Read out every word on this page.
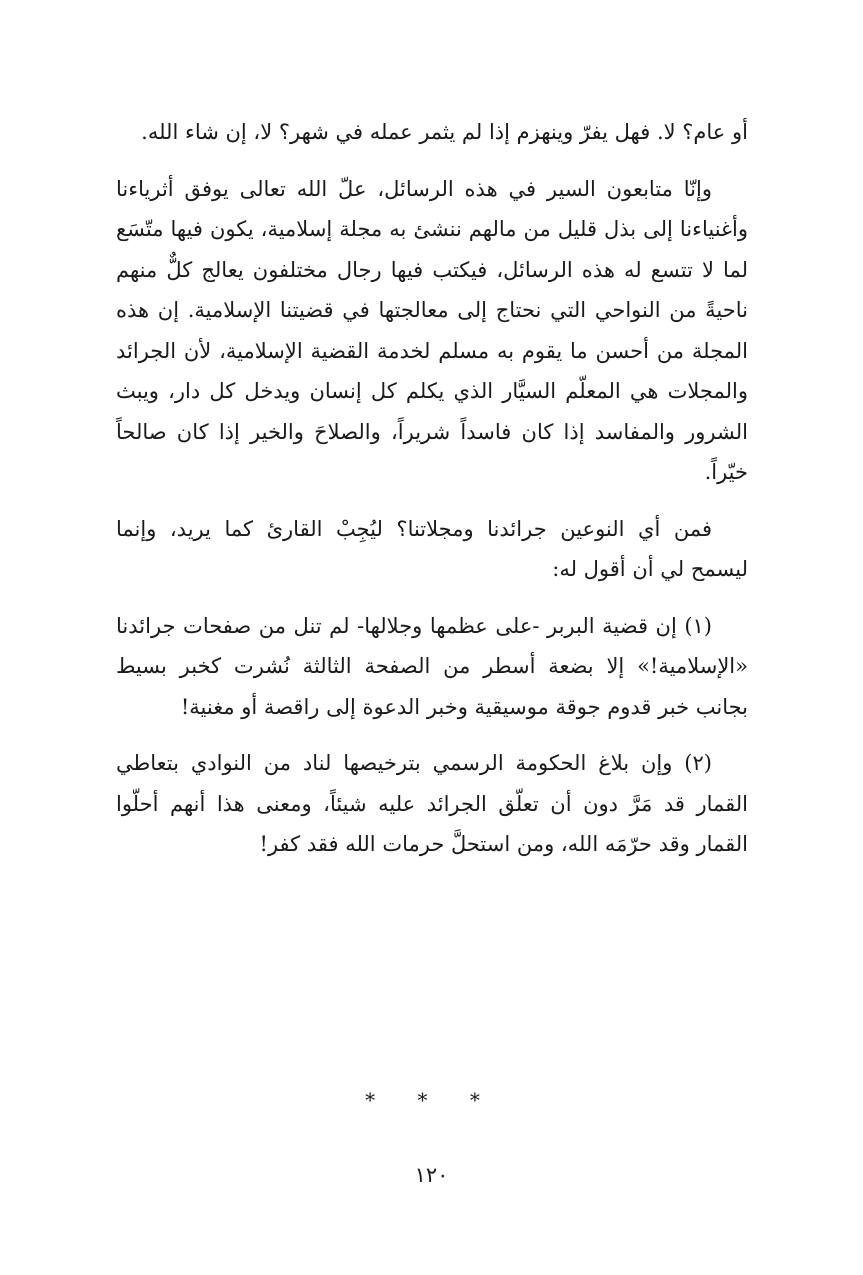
أو عام؟ لا. فهل يفرّ وينهزم إذا لم يثمر عمله في شهر؟ لا، إن شاء الله.

وإنّا متابعون السير في هذه الرسائل، علّ الله تعالى يوفق أثرياءنا وأغنياءنا إلى بذل قليل من مالهم ننشئ به مجلة إسلامية، يكون فيها متّسَع لما لا تتسع له هذه الرسائل، فيكتب فيها رجال مختلفون يعالج كلٌّ منهم ناحيةً من النواحي التي نحتاج إلى معالجتها في قضيتنا الإسلامية. إن هذه المجلة من أحسن ما يقوم به مسلم لخدمة القضية الإسلامية، لأن الجرائد والمجلات هي المعلّم السيَّار الذي يكلم كل إنسان ويدخل كل دار، ويبث الشرور والمفاسد إذا كان فاسداً شريراً، والصلاحَ والخير إذا كان صالحاً خيّراً.

فمن أي النوعين جرائدنا ومجلاتنا؟ ليُجِبْ القارئ كما يريد، وإنما ليسمح لي أن أقول له:

(١) إن قضية البربر -على عظمها وجلالها- لم تنل من صفحات جرائدنا «الإسلامية!» إلا بضعة أسطر من الصفحة الثالثة نُشرت كخبر بسيط بجانب خبر قدوم جوقة موسيقية وخبر الدعوة إلى راقصة أو مغنية!

(٢) وإن بلاغ الحكومة الرسمي بترخيصها لناد من النوادي بتعاطي القمار قد مَرَّ دون أن تعلّق الجرائد عليه شيئاً، ومعنى هذا أنهم أحلّوا القمار وقد حرّمَه الله، ومن استحلَّ حرمات الله فقد كفر!

* * *
١٢٠
